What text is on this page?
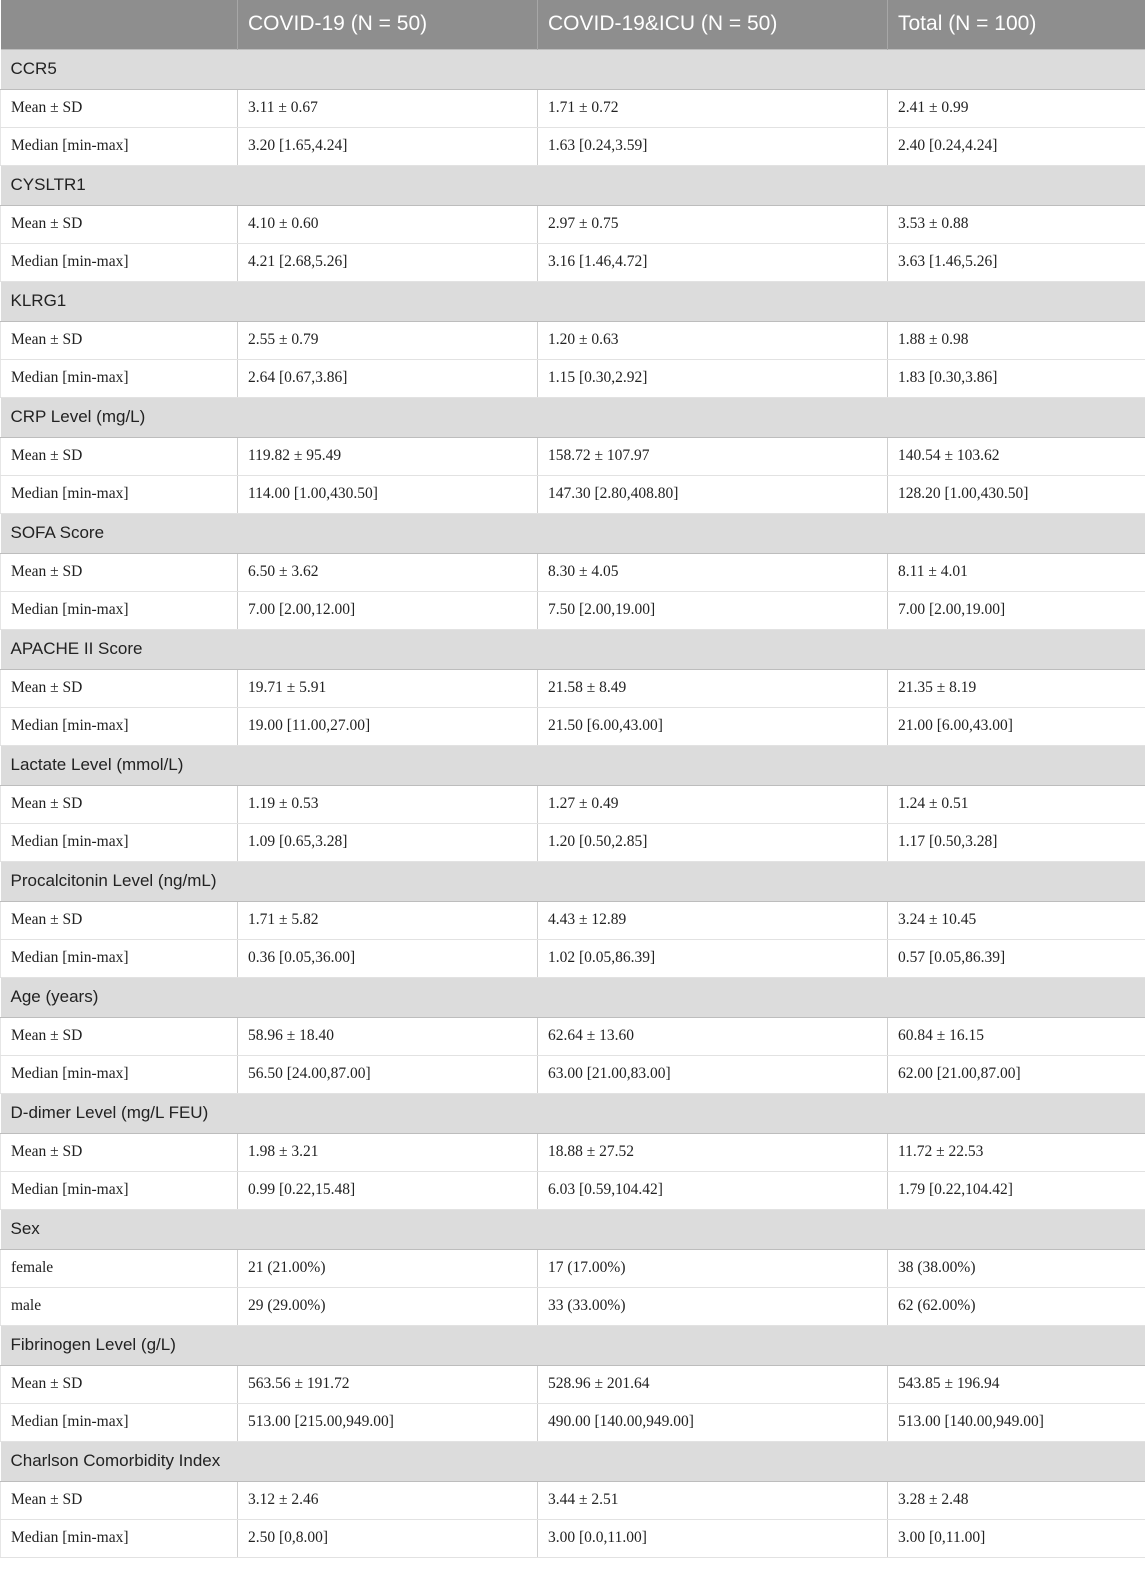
	COVID-19 (N = 50)	COVID-19&ICU (N = 50)	Total (N = 100)
CCR5			
Mean ± SD	3.11 ± 0.67	1.71 ± 0.72	2.41 ± 0.99
Median [min-max]	3.20 [1.65,4.24]	1.63 [0.24,3.59]	2.40 [0.24,4.24]
CYSLTR1			
Mean ± SD	4.10 ± 0.60	2.97 ± 0.75	3.53 ± 0.88
Median [min-max]	4.21 [2.68,5.26]	3.16 [1.46,4.72]	3.63 [1.46,5.26]
KLRG1			
Mean ± SD	2.55 ± 0.79	1.20 ± 0.63	1.88 ± 0.98
Median [min-max]	2.64 [0.67,3.86]	1.15 [0.30,2.92]	1.83 [0.30,3.86]
CRP Level (mg/L)			
Mean ± SD	119.82 ± 95.49	158.72 ± 107.97	140.54 ± 103.62
Median [min-max]	114.00 [1.00,430.50]	147.30 [2.80,408.80]	128.20 [1.00,430.50]
SOFA Score			
Mean ± SD	6.50 ± 3.62	8.30 ± 4.05	8.11 ± 4.01
Median [min-max]	7.00 [2.00,12.00]	7.50 [2.00,19.00]	7.00 [2.00,19.00]
APACHE II Score			
Mean ± SD	19.71 ± 5.91	21.58 ± 8.49	21.35 ± 8.19
Median [min-max]	19.00 [11.00,27.00]	21.50 [6.00,43.00]	21.00 [6.00,43.00]
Lactate Level (mmol/L)			
Mean ± SD	1.19 ± 0.53	1.27 ± 0.49	1.24 ± 0.51
Median [min-max]	1.09 [0.65,3.28]	1.20 [0.50,2.85]	1.17 [0.50,3.28]
Procalcitonin Level (ng/mL)			
Mean ± SD	1.71 ± 5.82	4.43 ± 12.89	3.24 ± 10.45
Median [min-max]	0.36 [0.05,36.00]	1.02 [0.05,86.39]	0.57 [0.05,86.39]
Age (years)			
Mean ± SD	58.96 ± 18.40	62.64 ± 13.60	60.84 ± 16.15
Median [min-max]	56.50 [24.00,87.00]	63.00 [21.00,83.00]	62.00 [21.00,87.00]
D-dimer Level (mg/L FEU)			
Mean ± SD	1.98 ± 3.21	18.88 ± 27.52	11.72 ± 22.53
Median [min-max]	0.99 [0.22,15.48]	6.03 [0.59,104.42]	1.79 [0.22,104.42]
Sex			
female	21 (21.00%)	17 (17.00%)	38 (38.00%)
male	29 (29.00%)	33 (33.00%)	62 (62.00%)
Fibrinogen Level (g/L)			
Mean ± SD	563.56 ± 191.72	528.96 ± 201.64	543.85 ± 196.94
Median [min-max]	513.00 [215.00,949.00]	490.00 [140.00,949.00]	513.00 [140.00,949.00]
Charlson Comorbidity Index			
Mean ± SD	3.12 ± 2.46	3.44 ± 2.51	3.28 ± 2.48
Median [min-max]	2.50 [0,8.00]	3.00 [0.0,11.00]	3.00 [0,11.00]
